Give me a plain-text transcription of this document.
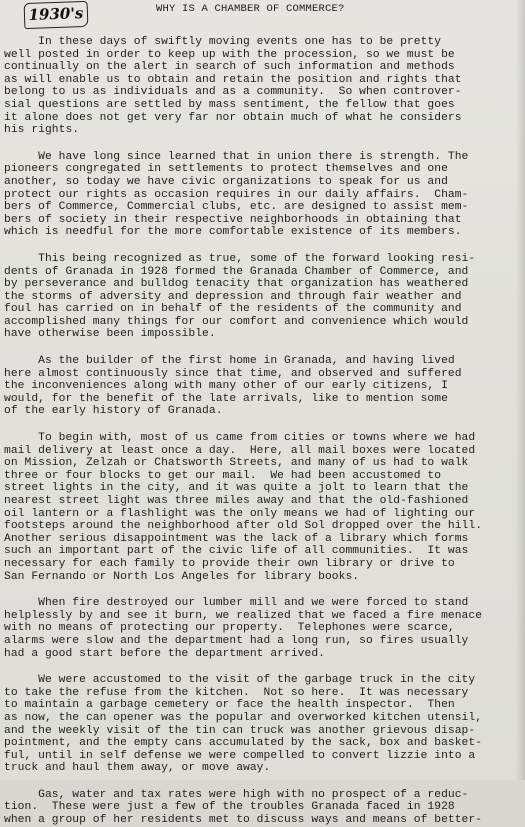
1930's	WHY IS A CHAMBER OF COMMERCE?
In these days of swiftly moving events one has to be pretty
well posted in order to keep up with the procession, so we must be
continually on the alert in search of such information and methods
as will enable us to obtain and retain the position and rights that
belong to us as individuals and as a community.  So when controver-
sial questions are settled by mass sentiment, the fellow that goes
it alone does not get very far nor obtain much of what he considers
his rights.
We have long since learned that in union there is strength. The
pioneers congregated in settlements to protect themselves and one
another, so today we have civic organizations to speak for us and
protect our rights as occasion requires in our daily affairs.  Cham-
bers of Commerce, Commercial clubs, etc. are designed to assist mem-
bers of society in their respective neighborhoods in obtaining that
which is needful for the more comfortable existence of its members.
This being recognized as true, some of the forward looking resi-
dents of Granada in 1928 formed the Granada Chamber of Commerce, and
by perseverance and bulldog tenacity that organization has weathered
the storms of adversity and depression and through fair weather and
foul has carried on in behalf of the residents of the community and
accomplished many things for our comfort and convenience which would
have otherwise been impossible.
As the builder of the first home in Granada, and having lived
here almost continuously since that time, and observed and suffered
the inconveniences along with many other of our early citizens, I
would, for the benefit of the late arrivals, like to mention some
of the early history of Granada.
To begin with, most of us came from cities or towns where we had
mail delivery at least once a day.  Here, all mail boxes were located
on Mission, Zelzah or Chatsworth Streets, and many of us had to walk
three or four blocks to get our mail.  We had been accustomed to
street lights in the city, and it was quite a jolt to learn that the
nearest street light was three miles away and that the old-fashioned
oil lantern or a flashlight was the only means we had of lighting our
footsteps around the neighborhood after old Sol dropped over the hill.
Another serious disappointment was the lack of a library which forms
such an important part of the civic life of all communities.  It was
necessary for each family to provide their own library or drive to
San Fernando or North Los Angeles for library books.
When fire destroyed our lumber mill and we were forced to stand
helplessly by and see it burn, we realized that we faced a fire menace
with no means of protecting our property.  Telephones were scarce,
alarms were slow and the department had a long run, so fires usually
had a good start before the department arrived.
We were accustomed to the visit of the garbage truck in the city
to take the refuse from the kitchen.  Not so here.  It was necessary
to maintain a garbage cemetery or face the health inspector.  Then
as now, the can opener was the popular and overworked kitchen utensil,
and the weekly visit of the tin can truck was another grievous disap-
pointment, and the empty cans accumulated by the sack, box and basket-
ful, until in self defense we were compelled to convert lizzie into a
truck and haul them away, or move away.
Gas, water and tax rates were high with no prospect of a reduc-
tion.  These were just a few of the troubles Granada faced in 1928
when a group of her residents met to discuss ways and means of better-
